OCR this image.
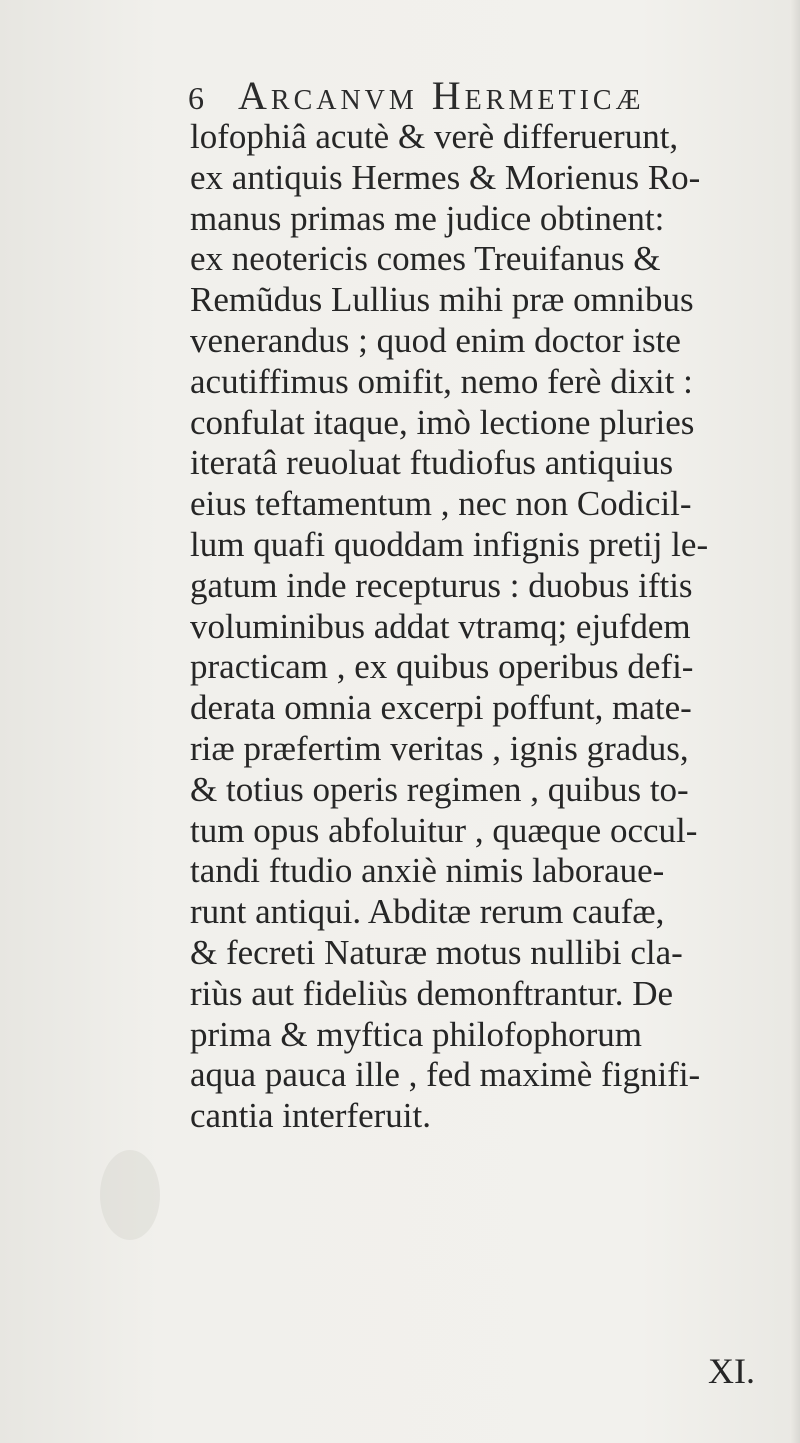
6 Arcanvm Hermeticæ
lofophiâ acutè & verè differuerunt,
ex antiquis Hermes & Morienus Ro-
manus primas me judice obtinent:
ex neotericis comes Treuifanus &
Remũdus Lullius mihi præ omnibus
venerandus ; quod enim doctor iste
acutiffimus omifit, nemo ferè dixit :
confulat itaque, imò lectione pluries
iteratâ reuoluat ftudiofus antiquius
eius teftamentum , nec non Codicil-
lum quafi quoddam infignis pretij le-
gatum inde recepturus : duobus iftis
voluminibus addat vtramq; ejufdem
practicam , ex quibus operibus defi-
derata omnia excerpi poffunt, mate-
riæ præfertim veritas , ignis gradus,
& totius operis regimen , quibus to-
tum opus abfoluitur , quæque occul-
tandi ftudio anxiè nimis laboraue-
runt antiqui. Abditæ rerum caufæ,
& fecreti Naturæ motus nullibi cla-
riùs aut fideliùs demonftrantur. De
prima & myftica philofophorum
aqua pauca ille , fed maximè fignifi-
cantia interferuit.
XI.
